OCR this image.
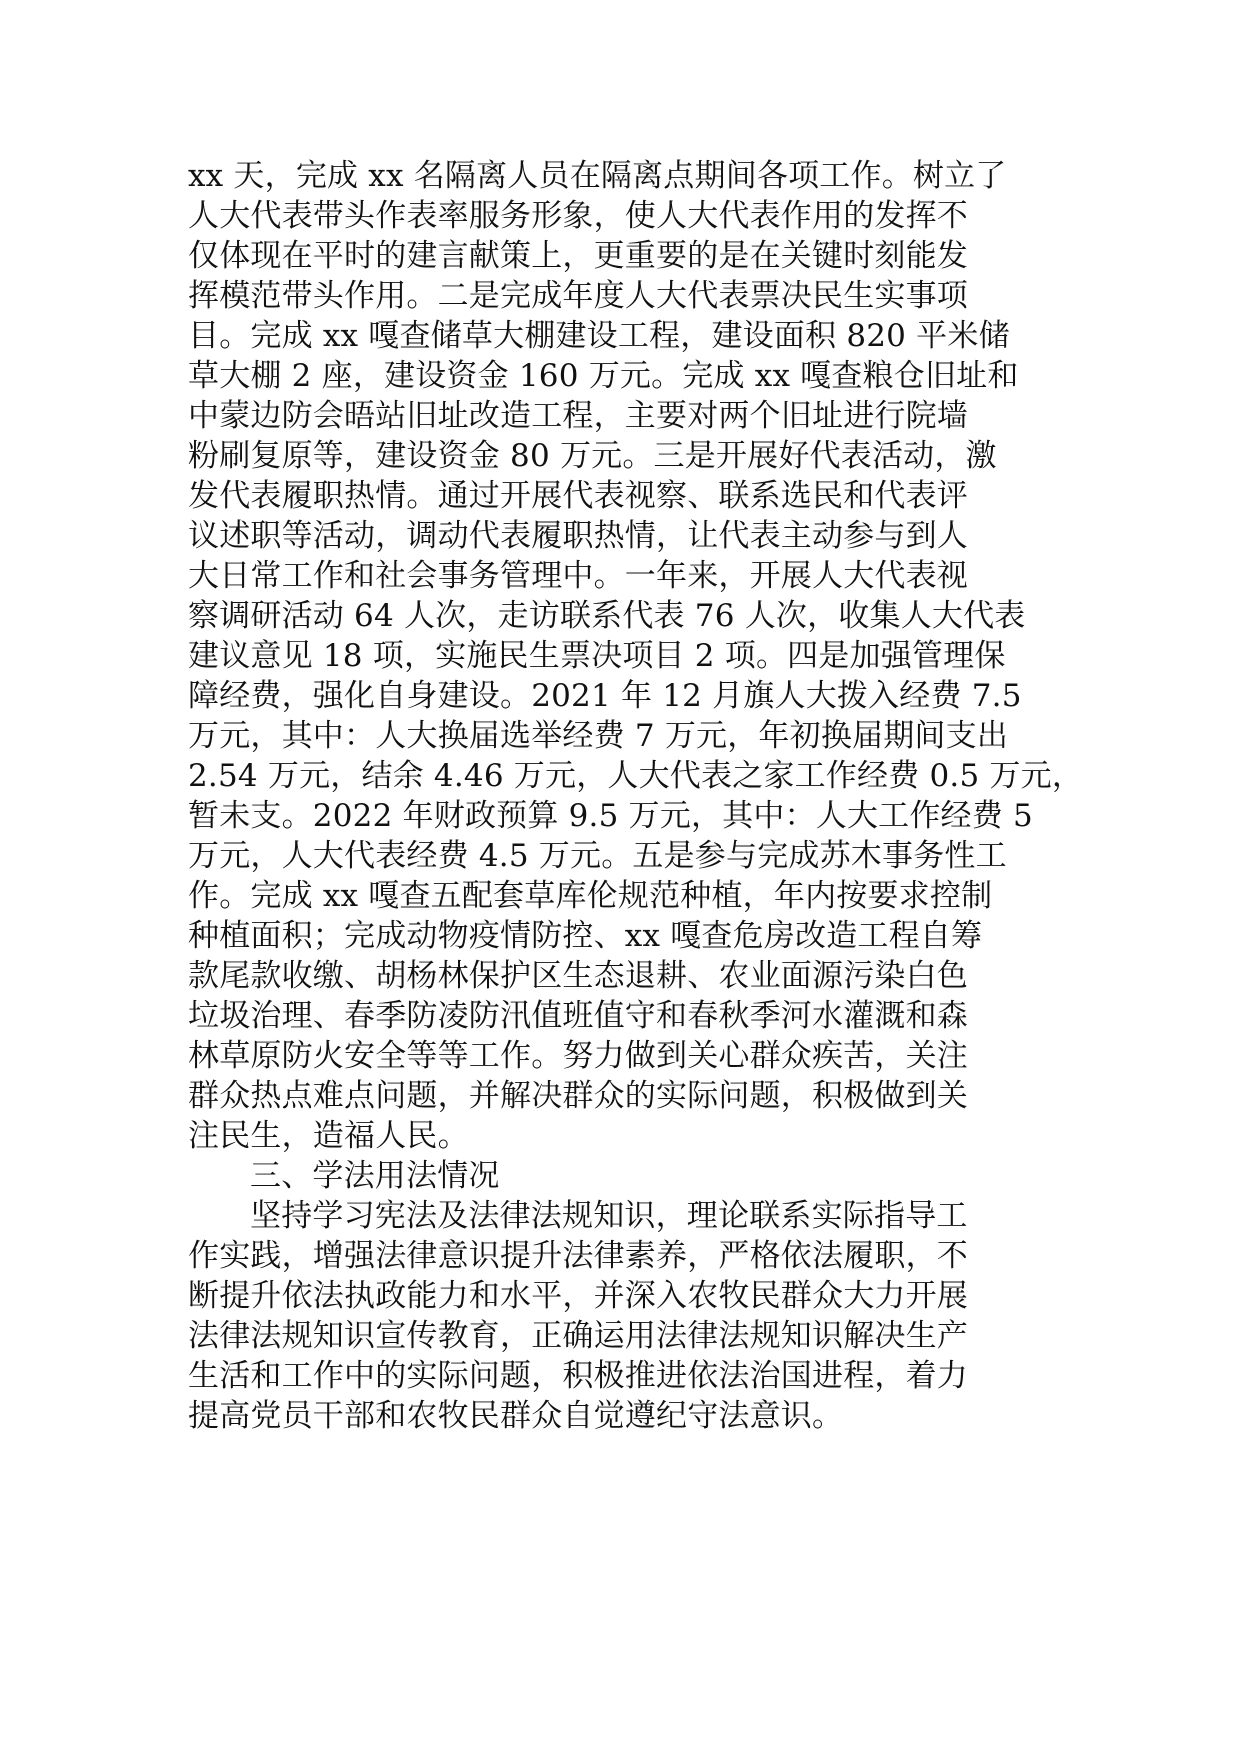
xx 天，完成 xx 名隔离人员在隔离点期间各项工作。树立了
人大代表带头作表率服务形象，使人大代表作用的发挥不
仅体现在平时的建言献策上，更重要的是在关键时刻能发
挥模范带头作用。二是完成年度人大代表票决民生实事项
目。完成 xx 嘎查储草大棚建设工程，建设面积 820 平米储
草大棚 2 座，建设资金 160 万元。完成 xx 嘎查粮仓旧址和
中蒙边防会晤站旧址改造工程，主要对两个旧址进行院墙
粉刷复原等，建设资金 80 万元。三是开展好代表活动，激
发代表履职热情。通过开展代表视察、联系选民和代表评
议述职等活动，调动代表履职热情，让代表主动参与到人
大日常工作和社会事务管理中。一年来，开展人大代表视
察调研活动 64 人次，走访联系代表 76 人次，收集人大代表
建议意见 18 项，实施民生票决项目 2 项。四是加强管理保
障经费，强化自身建设。2021 年 12 月旗人大拨入经费 7.5
万元，其中：人大换届选举经费 7 万元，年初换届期间支出
2.54 万元，结余 4.46 万元，人大代表之家工作经费 0.5 万元，
暂未支。2022 年财政预算 9.5 万元，其中：人大工作经费 5
万元，人大代表经费 4.5 万元。五是参与完成苏木事务性工
作。完成 xx 嘎查五配套草库伦规范种植，年内按要求控制
种植面积；完成动物疫情防控、xx 嘎查危房改造工程自筹
款尾款收缴、胡杨林保护区生态退耕、农业面源污染白色
垃圾治理、春季防凌防汛值班值守和春秋季河水灌溉和森
林草原防火安全等等工作。努力做到关心群众疾苦，关注
群众热点难点问题，并解决群众的实际问题，积极做到关
注民生，造福人民。
三、学法用法情况
坚持学习宪法及法律法规知识，理论联系实际指导工
作实践，增强法律意识提升法律素养，严格依法履职，不
断提升依法执政能力和水平，并深入农牧民群众大力开展
法律法规知识宣传教育，正确运用法律法规知识解决生产
生活和工作中的实际问题，积极推进依法治国进程，着力
提高党员干部和农牧民群众自觉遵纪守法意识。
